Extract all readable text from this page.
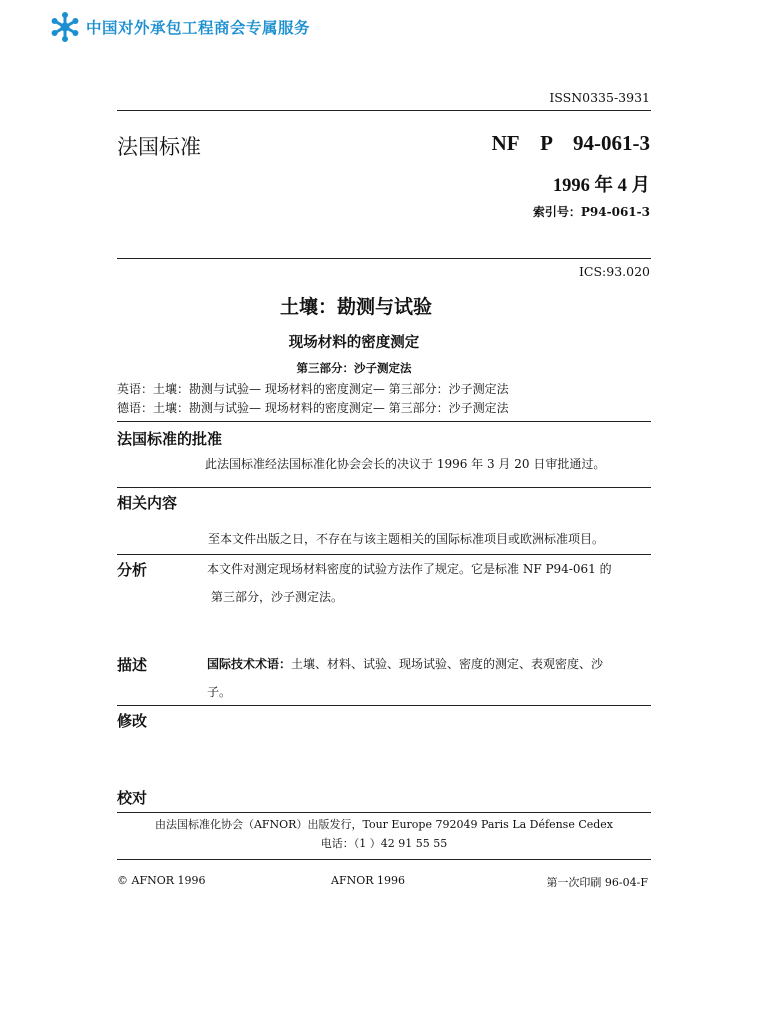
中国对外承包工程商会专属服务
ISSN0335-3931
法国标准	NF P 94-061-3
1996 年 4 月
索引号：P94-061-3
ICS:93.020
土壤：勘测与试验
现场材料的密度测定
第三部分：沙子测定法
英语：土壤：勘测与试验— 现场材料的密度测定— 第三部分：沙子测定法
德语：土壤：勘测与试验— 现场材料的密度测定— 第三部分：沙子测定法
法国标准的批准
此法国标准经法国标准化协会会长的决议于 1996 年 3 月 20 日审批通过。
相关内容
至本文件出版之日，不存在与该主题相关的国际标准项目或欧洲标准项目。
分析	本文件对测定现场材料密度的试验方法作了规定。它是标准 NF P94-061 的
第三部分，沙子测定法。
描述	国际技术术语：土壤、材料、试验、现场试验、密度的测定、表观密度、沙
子。
修改
校对
由法国标准化协会（AFNOR）出版发行，Tour Europe 792049 Paris La Défense Cedex
电话：（1 ）42 91 55 55
© AFNOR 1996	AFNOR 1996	第一次印刷 96-04-F
